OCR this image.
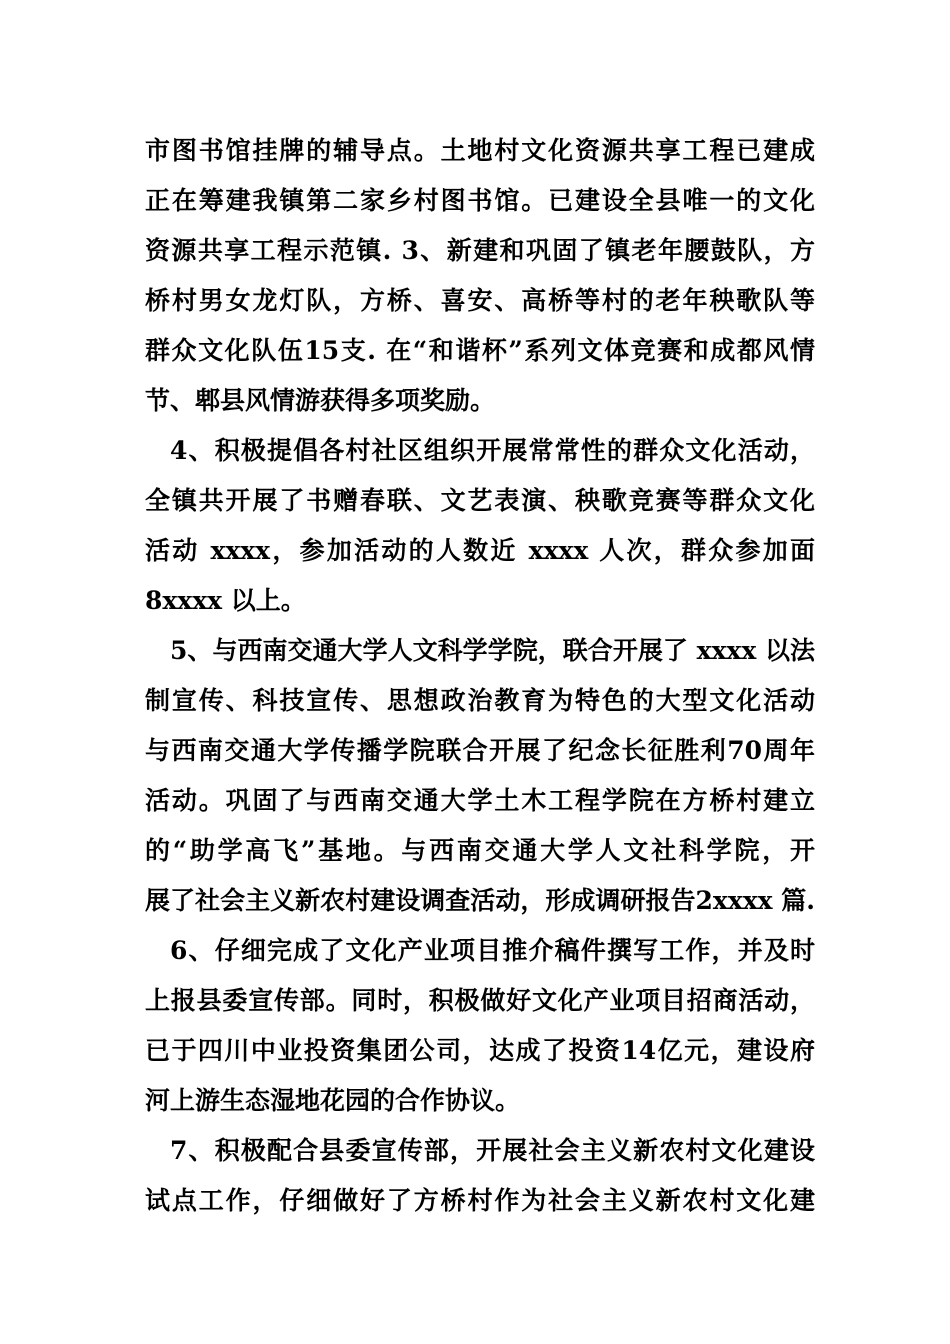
市图书馆挂牌的辅导点。土地村文化资源共享工程已建成
正在筹建我镇第二家乡村图书馆。已建设全县唯一的文化
资源共享工程示范镇. 3、新建和巩固了镇老年腰鼓队，方
桥村男女龙灯队，方桥、喜安、高桥等村的老年秧歌队等
群众文化队伍15支. 在“和谐杯”系列文体竞赛和成都风情
节、郫县风情游获得多项奖励。
4、积极提倡各村社区组织开展常常性的群众文化活动，
全镇共开展了书赠春联、文艺表演、秧歌竞赛等群众文化
活动 xxxx，参加活动的人数近 xxxx 人次，群众参加面
8xxxx 以上。
5、与西南交通大学人文科学学院，联合开展了 xxxx 以法
制宣传、科技宣传、思想政治教育为特色的大型文化活动
与西南交通大学传播学院联合开展了纪念长征胜利70周年
活动。巩固了与西南交通大学土木工程学院在方桥村建立
的“助学高飞”基地。与西南交通大学人文社科学院，开
展了社会主义新农村建设调查活动，形成调研报告2xxxx 篇.
6、仔细完成了文化产业项目推介稿件撰写工作，并及时
上报县委宣传部。同时，积极做好文化产业项目招商活动，
已于四川中业投资集团公司，达成了投资14亿元，建设府
河上游生态湿地花园的合作协议。
7、积极配合县委宣传部，开展社会主义新农村文化建设
试点工作，仔细做好了方桥村作为社会主义新农村文化建
